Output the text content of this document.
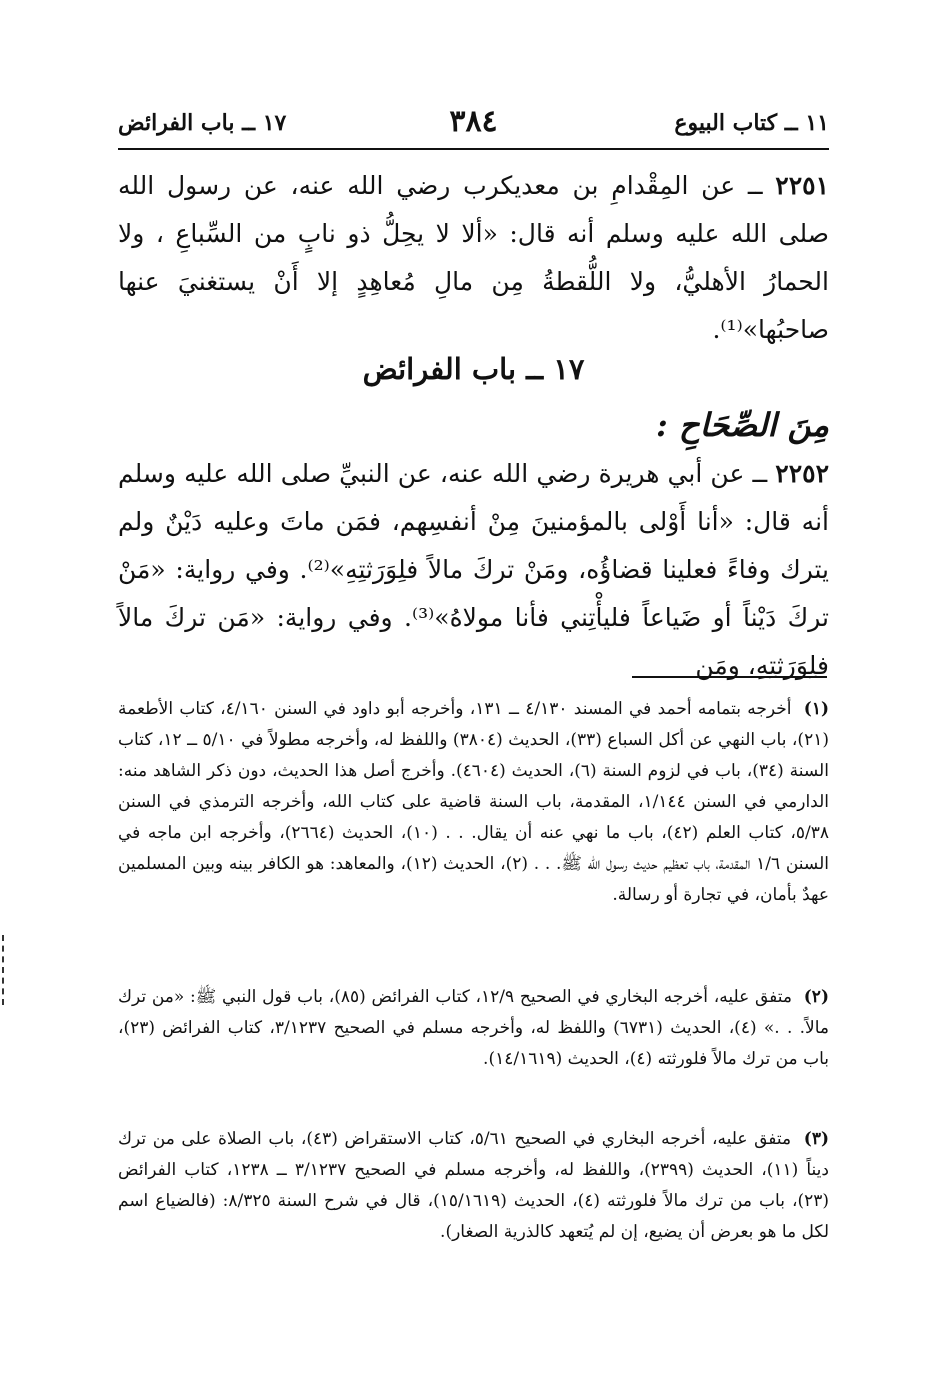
١١ ــ كتاب البيوع
٣٨٤
١٧ ــ باب الفرائض
٢٢٥١ ــ عن المِقْدامِ بن معديكرب رضي الله عنه، عن رسول الله صلى الله عليه وسلم أنه قال: «ألا لا يحِلُّ ذو نابٍ من السِّباعِ ، ولا الحمارُ الأهليُّ، ولا اللُّقطةُ مِن مالِ مُعاهِدٍ إلا أَنْ يستغنيَ عنها صاحبُها»⁽¹⁾.
١٧ ــ باب الفرائض
مِنَ الصِّحَاحِ :
٢٢٥٢ ــ عن أبي هريرة رضي الله عنه، عن النبيِّ صلى الله عليه وسلم أنه قال: «أنا أَوْلى بالمؤمنينَ مِنْ أنفسِهم، فمَن ماتَ وعليه دَيْنٌ ولم يترك وفاءً فعلينا قضاؤُه، ومَنْ تركَ مالاً فلِوَرَثتِهِ»⁽²⁾. وفي رواية: «مَنْ تركَ دَيْناً أو ضَياعاً فليأْتِني فأنا مولاهُ»⁽³⁾. وفي رواية: «مَن تركَ مالاً فلِوَرَثتِهِ، ومَن
(١) أخرجه بتمامه أحمد في المسند ٤/١٣٠ ــ ١٣١، وأخرجه أبو داود في السنن ٤/١٦٠، كتاب الأطعمة (٢١)، باب النهي عن أكل السباع (٣٣)، الحديث (٣٨٠٤) واللفظ له، وأخرجه مطولاً في ٥/١٠ ــ ١٢، كتاب السنة (٣٤)، باب في لزوم السنة (٦)، الحديث (٤٦٠٤). وأخرج أصل هذا الحديث، دون ذكر الشاهد منه: الدارمي في السنن ١/١٤٤، المقدمة، باب السنة قاضية على كتاب الله، وأخرجه الترمذي في السنن ٥/٣٨، كتاب العلم (٤٢)، باب ما نهي عنه أن يقال. . . (١٠)، الحديث (٢٦٦٤)، وأخرجه ابن ماجه في السنن ١/٦ المقدمة، باب تعظيم حديث رسول الله ﷺ. . . (٢)، الحديث (١٢)، والمعاهد: هو الكافر بينه وبين المسلمين عهدٌ بأمان، في تجارة أو رسالة.
(٢) متفق عليه، أخرجه البخاري في الصحيح ١٢/٩، كتاب الفرائض (٨٥)، باب قول النبي ﷺ: «من ترك مالاً. . .» (٤)، الحديث (٦٧٣١) واللفظ له، وأخرجه مسلم في الصحيح ٣/١٢٣٧، كتاب الفرائض (٢٣)، باب من ترك مالاً فلورثته (٤)، الحديث (١٤/١٦١٩).
(٣) متفق عليه، أخرجه البخاري في الصحيح ٥/٦١، كتاب الاستقراض (٤٣)، باب الصلاة على من ترك ديناً (١١)، الحديث (٢٣٩٩)، واللفظ له، وأخرجه مسلم في الصحيح ٣/١٢٣٧ ــ ١٢٣٨، كتاب الفرائض (٢٣)، باب من ترك مالاً فلورثته (٤)، الحديث (١٥/١٦١٩)، قال في شرح السنة ٨/٣٢٥: (فالضياع اسم لكل ما هو بعرض أن يضيع، إن لم يُتعهد كالذرية الصغار).
